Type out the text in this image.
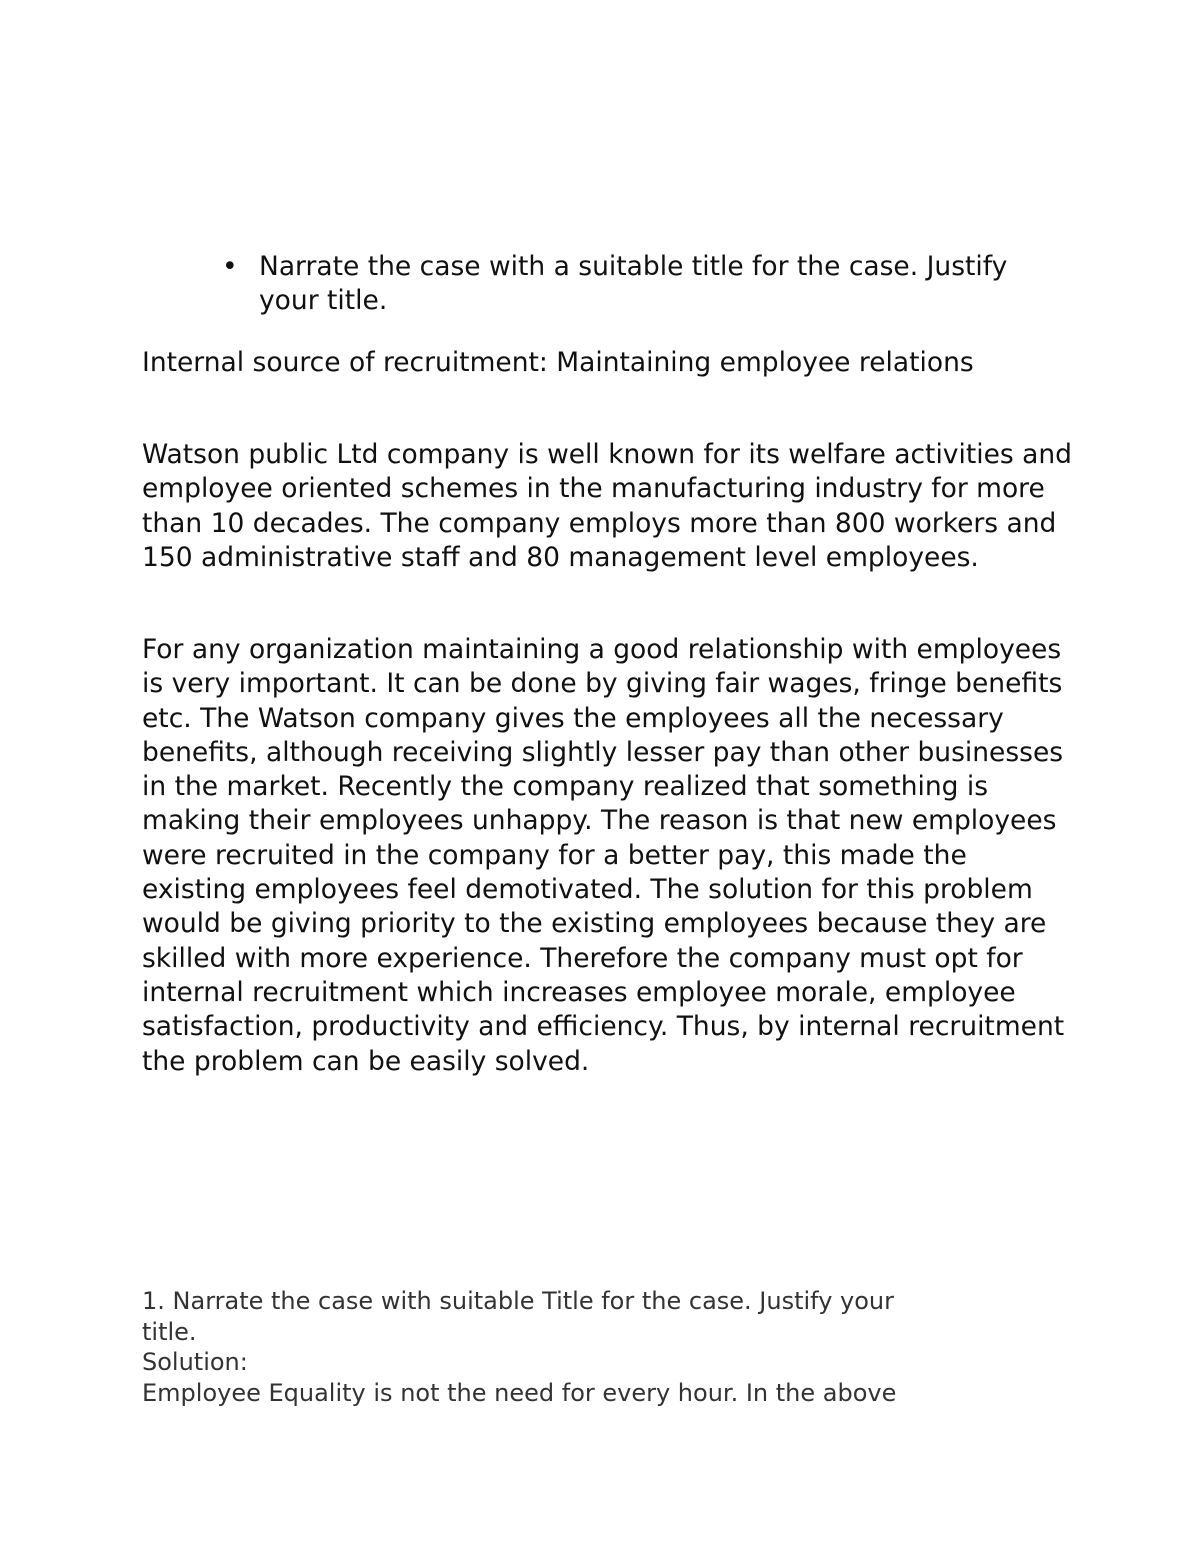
• Narrate the case with a suitable title for the case. Justify your title.
Internal source of recruitment: Maintaining employee relations
Watson public Ltd company is well known for its welfare activities and employee oriented schemes in the manufacturing industry for more than 10 decades. The company employs more than 800 workers and 150 administrative staff and 80 management level employees.
For any organization maintaining a good relationship with employees is very important. It can be done by giving fair wages, fringe benefits etc. The Watson company gives the employees all the necessary benefits, although receiving slightly lesser pay than other businesses in the market. Recently the company realized that something is making their employees unhappy. The reason is that new employees were recruited in the company for a better pay, this made the existing employees feel demotivated. The solution for this problem would be giving priority to the existing employees because they are skilled with more experience. Therefore the company must opt for internal recruitment which increases employee morale, employee satisfaction, productivity and efficiency. Thus, by internal recruitment the problem can be easily solved.
1. Narrate the case with suitable Title for the case. Justify your title.
Solution:
Employee Equality is not the need for every hour. In the above
